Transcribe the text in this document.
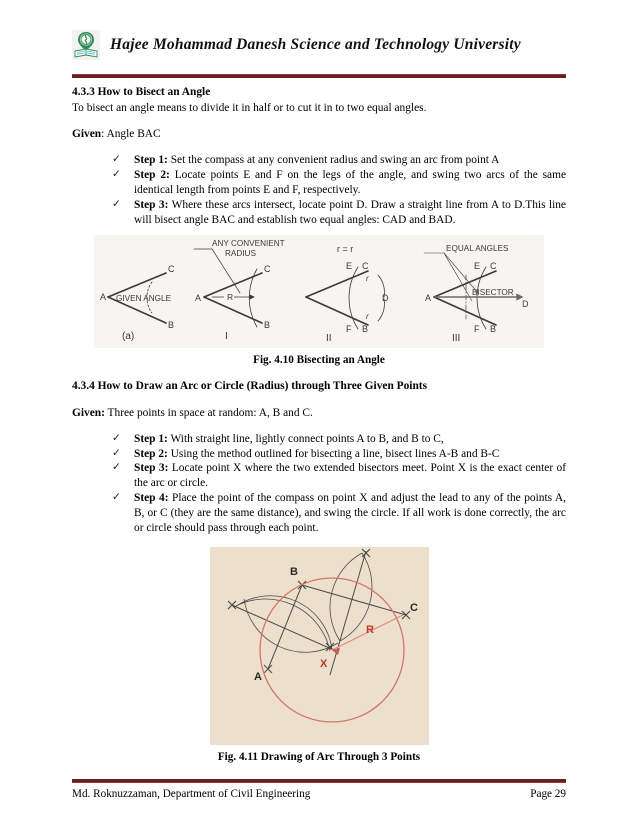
Hajee Mohammad Danesh Science and Technology University
4.3.3 How to Bisect an Angle

To bisect an angle means to divide it in half or to cut it in to two equal angles.

Given: Angle BAC

✓ Step 1: Set the compass at any convenient radius and swing an arc from point A
✓ Step 2: Locate points E and F on the legs of the angle, and swing two arcs of the same identical length from points E and F, respectively.
✓ Step 3: Where these arcs intersect, locate point D. Draw a straight line from A to D.This line will bisect angle BAC and establish two equal angles: CAD and BAD.
A
C
B
GIVEN ANGLE
(a)
A
C
B
ANY CONVENIENT
RADIUS
R
I
r = r
E C
F B
D
r
r
II
A
E C
F B
D
EQUAL ANGLES
BISECTOR
III
Fig. 4.10 Bisecting an Angle
4.3.4 How to Draw an Arc or Circle (Radius) through Three Given Points

Given: Three points in space at random: A, B and C.

✓ Step 1: With straight line, lightly connect points A to B, and B to C,
✓ Step 2: Using the method outlined for bisecting a line, bisect lines A-B and B-C
✓ Step 3: Locate point X where the two extended bisectors meet. Point X is the exact center of the arc or circle.
✓ Step 4: Place the point of the compass on point X and adjust the lead to any of the points A, B, or C (they are the same distance), and swing the circle. If all work is done correctly, the arc or circle should pass through each point.
A
B
C
X
R
Fig. 4.11 Drawing of Arc Through 3 Points
Md. Roknuzzaman, Department of Civil Engineering	Page 29
